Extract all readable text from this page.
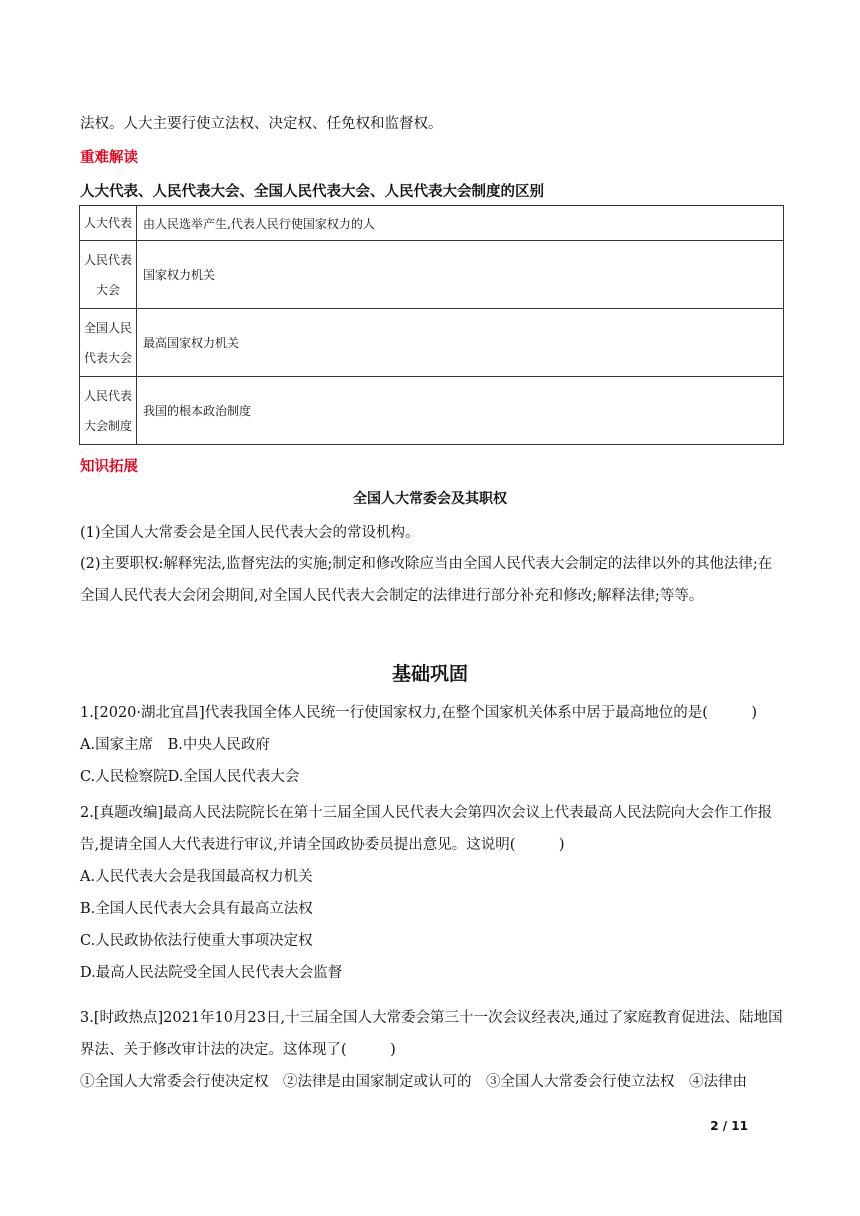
法权。人大主要行使立法权、决定权、任免权和监督权。
重难解读
人大代表、人民代表大会、全国人民代表大会、人民代表大会制度的区别
人大代表	由人民选举产生,代表人民行使国家权力的人
人民代表大会	国家权力机关
全国人民代表大会	最高国家权力机关
人民代表大会制度	我国的根本政治制度
知识拓展
全国人大常委会及其职权
(1)全国人大常委会是全国人民代表大会的常设机构。
(2)主要职权:解释宪法,监督宪法的实施;制定和修改除应当由全国人民代表大会制定的法律以外的其他法律;在全国人民代表大会闭会期间,对全国人民代表大会制定的法律进行部分补充和修改;解释法律;等等。
基础巩固
1.[2020·湖北宜昌]代表我国全体人民统一行使国家权力,在整个国家机关体系中居于最高地位的是(　　　)
A.国家主席　B.中央人民政府
C.人民检察院D.全国人民代表大会
2.[真题改编]最高人民法院院长在第十三届全国人民代表大会第四次会议上代表最高人民法院向大会作工作报告,提请全国人大代表进行审议,并请全国政协委员提出意见。这说明(　　　)
A.人民代表大会是我国最高权力机关
B.全国人民代表大会具有最高立法权
C.人民政协依法行使重大事项决定权
D.最高人民法院受全国人民代表大会监督
3.[时政热点]2021年10月23日,十三届全国人大常委会第三十一次会议经表决,通过了家庭教育促进法、陆地国界法、关于修改审计法的决定。这体现了(　　　)
①全国人大常委会行使决定权　②法律是由国家制定或认可的　③全国人大常委会行使立法权　④法律由
2 / 11
